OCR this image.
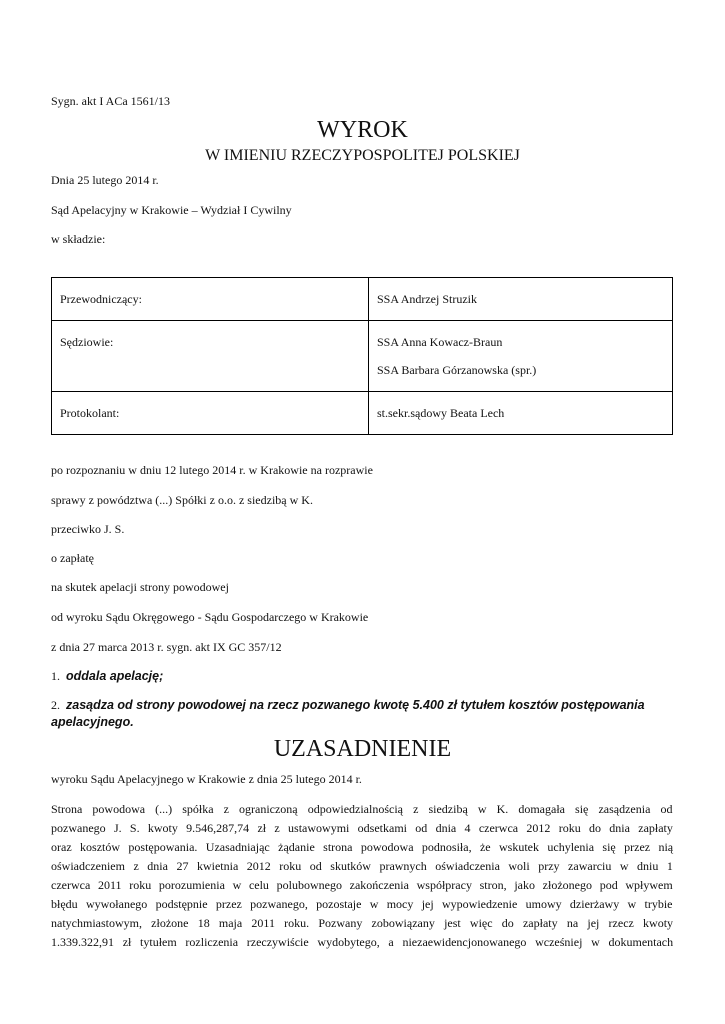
Sygn. akt I ACa 1561/13
WYROK
W IMIENIU RZECZYPOSPOLITEJ POLSKIEJ
Dnia 25 lutego 2014 r.
Sąd Apelacyjny w Krakowie – Wydział I Cywilny
w składzie:
Przewodniczący:	SSA Andrzej Struzik

Sędziowie:	SSA Anna Kowacz-Braun
SSA Barbara Górzanowska (spr.)

Protokolant:	st.sekr.sądowy Beata Lech
po rozpoznaniu w dniu 12 lutego 2014 r. w Krakowie na rozprawie
sprawy z powództwa (...) Spółki z o.o. z siedzibą w K.
przeciwko J. S.
o zapłatę
na skutek apelacji strony powodowej
od wyroku Sądu Okręgowego - Sądu Gospodarczego w Krakowie
z dnia 27 marca 2013 r. sygn. akt IX GC 357/12
1. oddala apelację;
2. zasądza od strony powodowej na rzecz pozwanego kwotę 5.400 zł tytułem kosztów postępowania
apelacyjnego.
UZASADNIENIE
wyroku Sądu Apelacyjnego w Krakowie z dnia 25 lutego 2014 r.
Strona powodowa (...) spółka z ograniczoną odpowiedzialnością z siedzibą w K. domagała się zasądzenia od
pozwanego J. S. kwoty 9.546,287,74 zł z ustawowymi odsetkami od dnia 4 czerwca 2012 roku do dnia zapłaty
oraz kosztów postępowania. Uzasadniając żądanie strona powodowa podnosiła, że wskutek uchylenia się przez nią
oświadczeniem z dnia 27 kwietnia 2012 roku od skutków prawnych oświadczenia woli przy zawarciu w dniu 1
czerwca 2011 roku porozumienia w celu polubownego zakończenia współpracy stron, jako złożonego pod wpływem
błędu wywołanego podstępnie przez pozwanego, pozostaje w mocy jej wypowiedzenie umowy dzierżawy w trybie
natychmiastowym, złożone 18 maja 2011 roku. Pozwany zobowiązany jest więc do zapłaty na jej rzecz kwoty
1.339.322,91 zł tytułem rozliczenia rzeczywiście wydobytego, a niezaewidencjonowanego wcześniej w dokumentach
